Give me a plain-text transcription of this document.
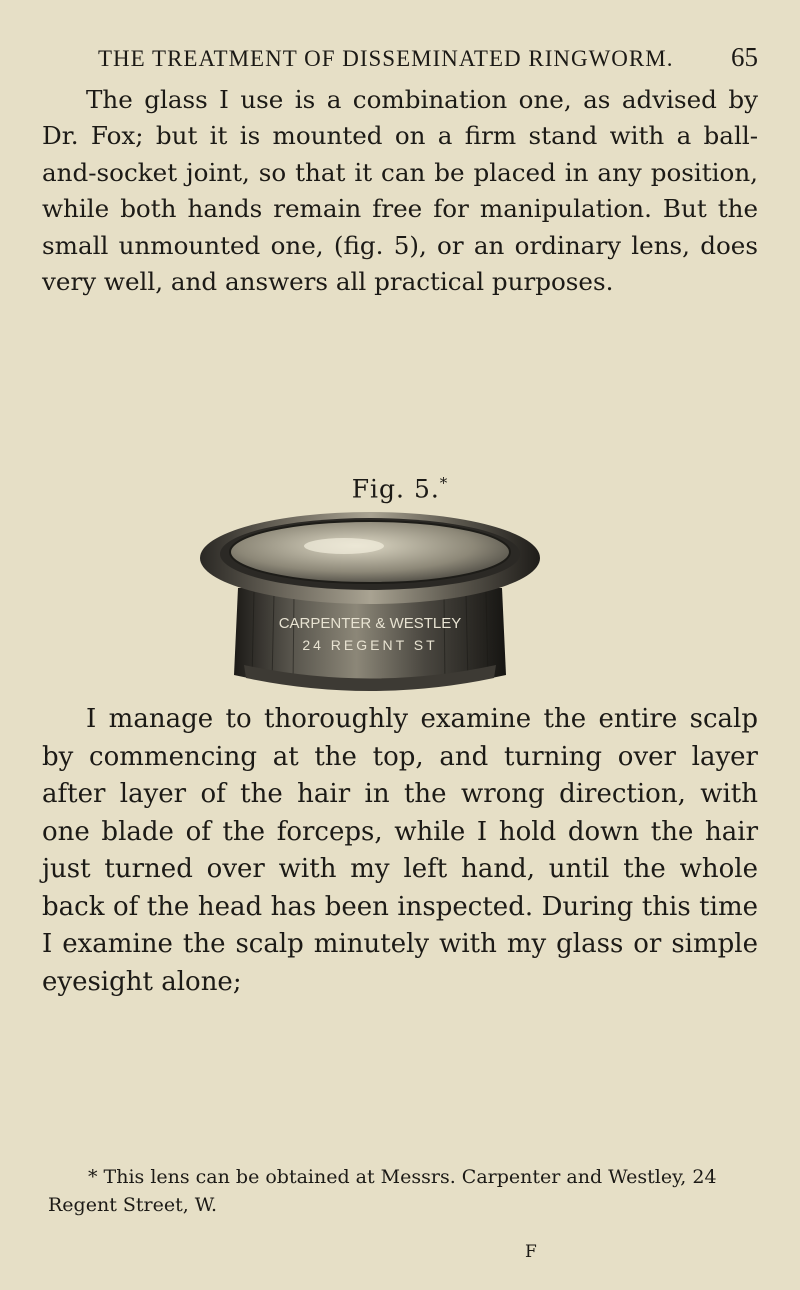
THE TREATMENT OF DISSEMINATED RINGWORM. 65

The glass I use is a combination one, as advised by Dr. Fox; but it is mounted on a firm stand with a ball-and-socket joint, so that it can be placed in any position, while both hands remain free for manipulation. But the small unmounted one, (fig. 5), or an ordinary lens, does very well, and answers all practical purposes.

Fig. 5.*
CARPENTER & WESTLEY
24 REGENT ST

I manage to thoroughly examine the entire scalp by commencing at the top, and turning over layer after layer of the hair in the wrong direction, with one blade of the forceps, while I hold down the hair just turned over with my left hand, until the whole back of the head has been inspected. During this time I examine the scalp minutely with my glass or simple eyesight alone;

* This lens can be obtained at Messrs. Carpenter and Westley, 24 Regent Street, W.
F
